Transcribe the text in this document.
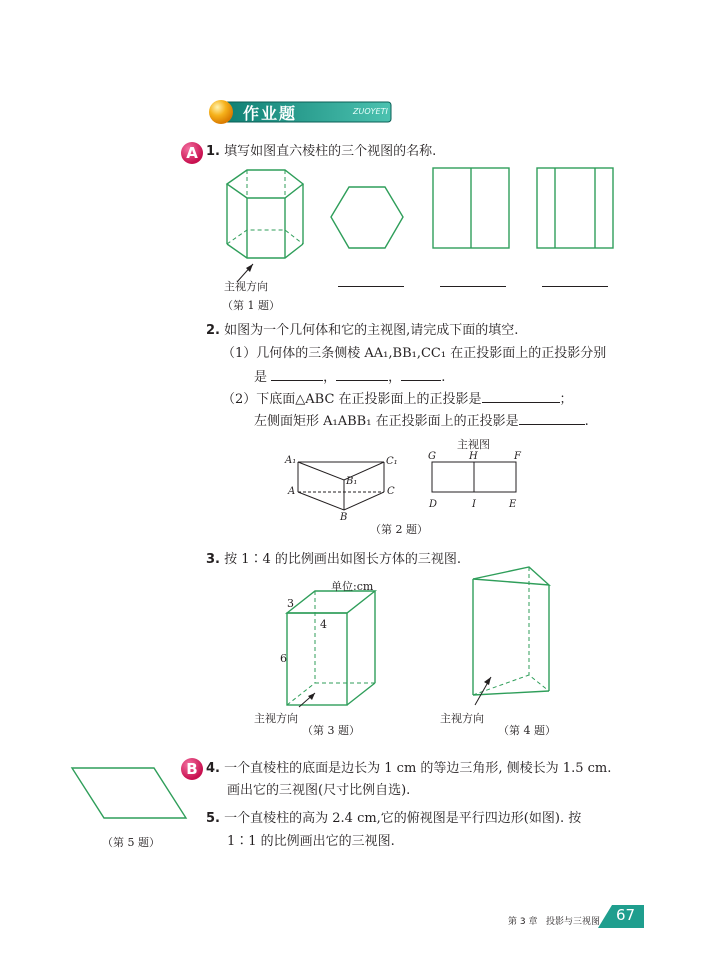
作业题	ZUOYETI
A 1. 填写如图直六棱柱的三个视图的名称.
主视方向
（第 1 题）
2. 如图为一个几何体和它的主视图,请完成下面的填空.
（1）几何体的三条侧棱 AA₁,BB₁,CC₁ 在正投影面上的正投影分别
是	，	，	.
（2）下底面△ABC 在正投影面上的正投影是	；
左侧面矩形 A₁ABB₁ 在正投影面上的正投影是	.
A₁	C₁
B₁
A	C
B
主视图
G	H	F
D	I	E
（第 2 题）
3. 按 1∶4 的比例画出如图长方体的三视图.
单位:cm
3
4
6
主视方向
（第 3 题）
主视方向
（第 4 题）
B
（第 5 题）
4. 一个直棱柱的底面是边长为 1 cm 的等边三角形, 侧棱长为 1.5 cm.
画出它的三视图(尺寸比例自选).
5. 一个直棱柱的高为 2.4 cm,它的俯视图是平行四边形(如图). 按
1∶1 的比例画出它的三视图.
第 3 章   投影与三视图 67
